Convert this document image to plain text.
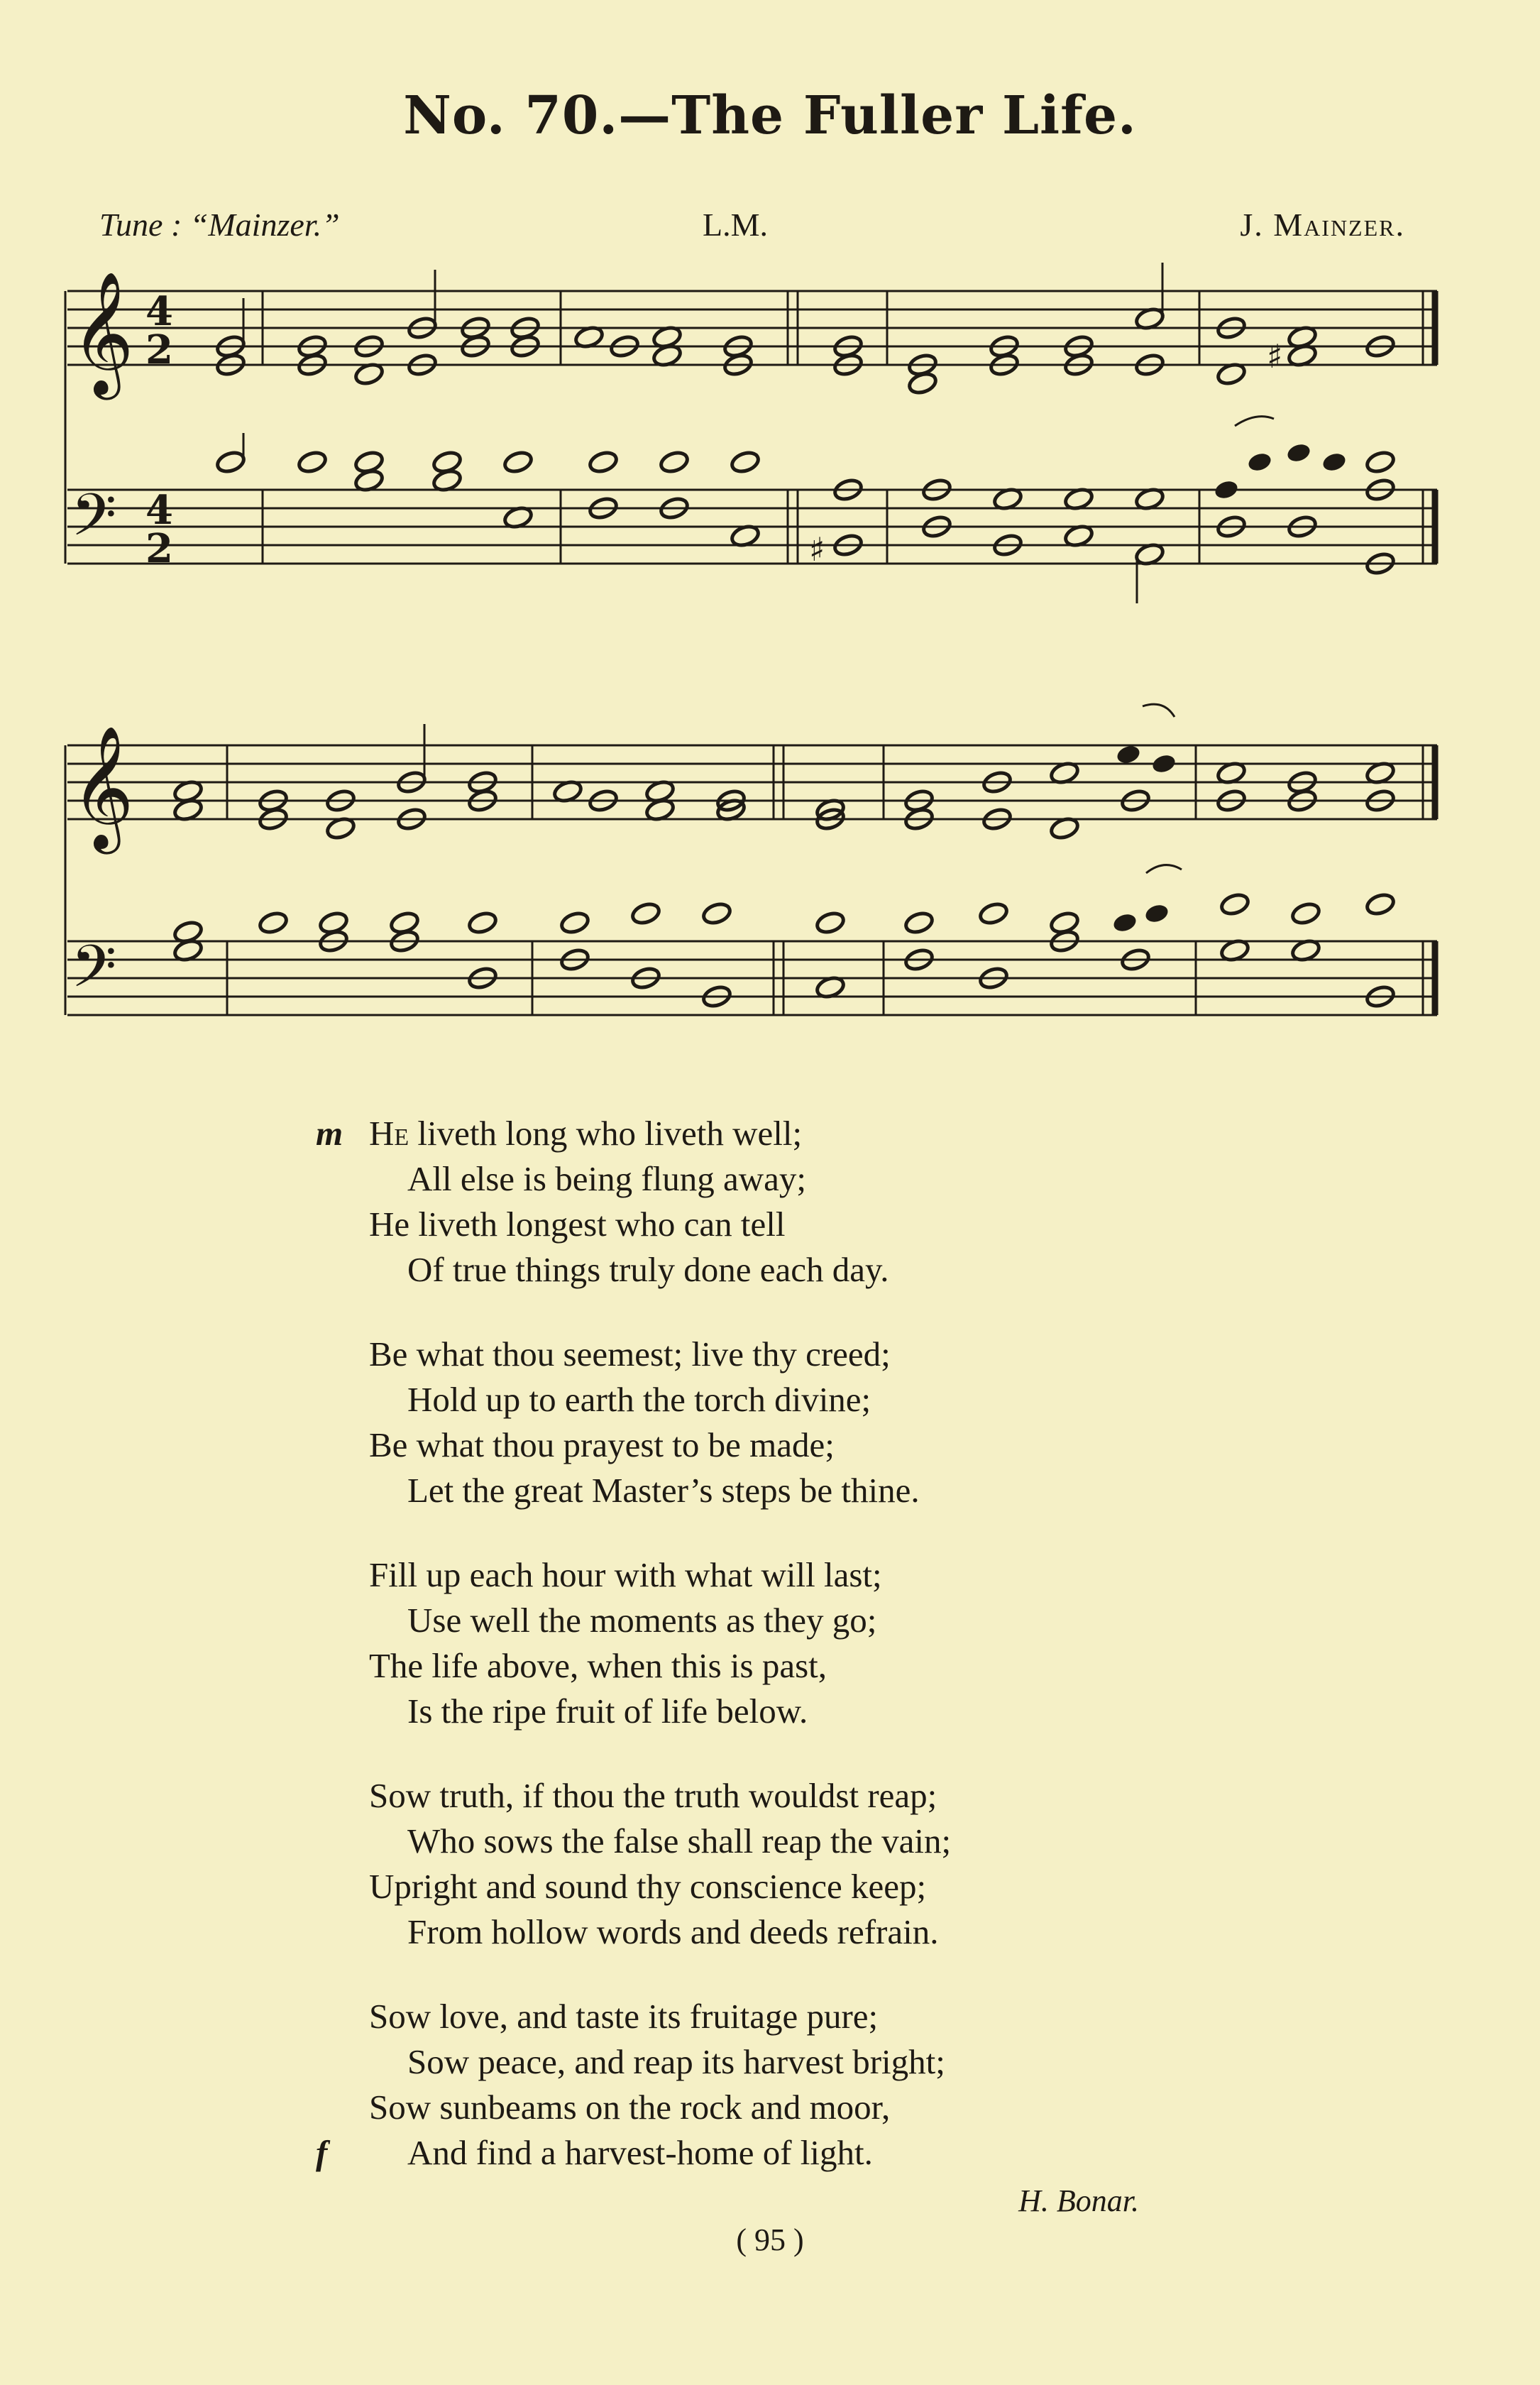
No. 70.—The Fuller Life.
Tune : “Mainzer.”	L.M.	J. Mainzer.
𝄞
𝄢
4
2
4
2
♯
♯
𝄞
𝄢
m He liveth long who liveth well;
All else is being flung away;
He liveth longest who can tell
Of true things truly done each day.
Be what thou seemest; live thy creed;
Hold up to earth the torch divine;
Be what thou prayest to be made;
Let the great Master’s steps be thine.
Fill up each hour with what will last;
Use well the moments as they go;
The life above, when this is past,
Is the ripe fruit of life below.
Sow truth, if thou the truth wouldst reap;
Who sows the false shall reap the vain;
Upright and sound thy conscience keep;
From hollow words and deeds refrain.
Sow love, and taste its fruitage pure;
Sow peace, and reap its harvest bright;
Sow sunbeams on the rock and moor,
f And find a harvest-home of light.
H. Bonar.
( 95 )
